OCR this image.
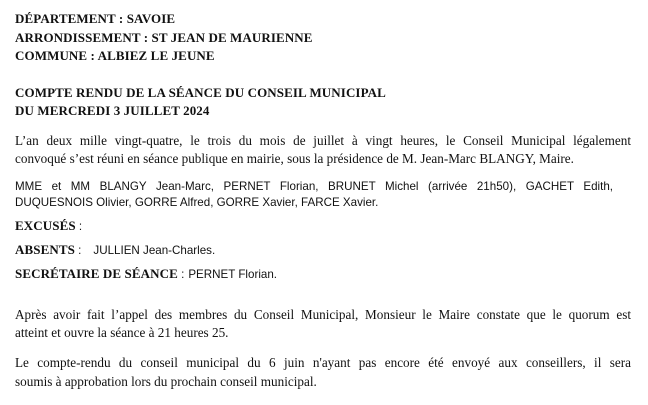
DÉPARTEMENT : SAVOIE
ARRONDISSEMENT : ST JEAN DE MAURIENNE
COMMUNE : ALBIEZ LE JEUNE
COMPTE RENDU DE LA SÉANCE DU CONSEIL MUNICIPAL
DU MERCREDI 3 JUILLET 2024
L’an deux mille vingt-quatre, le trois du mois de juillet à vingt heures, le Conseil Municipal légalement
convoqué s’est réuni en séance publique en mairie, sous la présidence de M. Jean-Marc BLANGY, Maire.
MME et MM BLANGY Jean-Marc, PERNET Florian, BRUNET Michel (arrivée 21h50), GACHET Edith,
DUQUESNOIS Olivier, GORRE Alfred, GORRE Xavier, FARCE Xavier.
EXCUSÉS :
ABSENTS : JULLIEN Jean-Charles.
SECRÉTAIRE DE SÉANCE : PERNET Florian.
Après avoir fait l’appel des membres du Conseil Municipal, Monsieur le Maire constate que le quorum est
atteint et ouvre la séance à 21 heures 25.
Le compte-rendu du conseil municipal du 6 juin n'ayant pas encore été envoyé aux conseillers, il sera
soumis à approbation lors du prochain conseil municipal.
